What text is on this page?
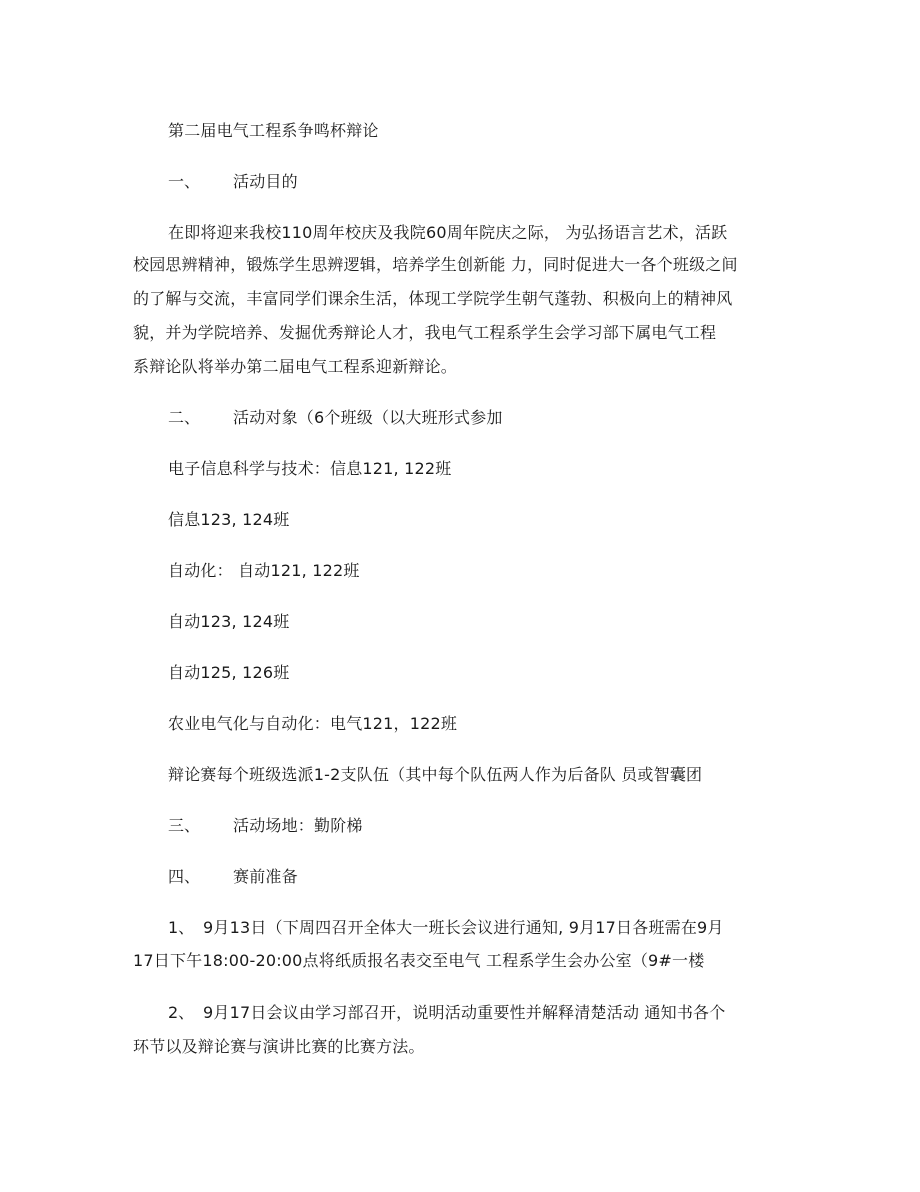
第二届电气工程系争鸣杯辩论
一、 活动目的
在即将迎来我校110周年校庆及我院60周年院庆之际， 为弘扬语言艺术，活跃
校园思辨精神，锻炼学生思辨逻辑，培养学生创新能 力，同时促进大一各个班级之间
的了解与交流，丰富同学们课余生活，体现工学院学生朝气蓬勃、积极向上的精神风
貌，并为学院培养、发掘优秀辩论人才，我电气工程系学生会学习部下属电气工程
系辩论队将举办第二届电气工程系迎新辩论。
二、 活动对象（6个班级（以大班形式参加
电子信息科学与技术：信息121, 122班
信息123, 124班
自动化： 自动121, 122班
自动123, 124班
自动125, 126班
农业电气化与自动化：电气121，122班
辩论赛每个班级选派1-2支队伍（其中每个队伍两人作为后备队 员或智囊团
三、 活动场地：勤阶梯
四、 赛前准备
1、 9月13日（下周四召开全体大一班长会议进行通知, 9月17日各班需在9月
17日下午18:00-20:00点将纸质报名表交至电气 工程系学生会办公室（9#一楼
2、 9月17日会议由学习部召开，说明活动重要性并解释清楚活动 通知书各个
环节以及辩论赛与演讲比赛的比赛方法。
